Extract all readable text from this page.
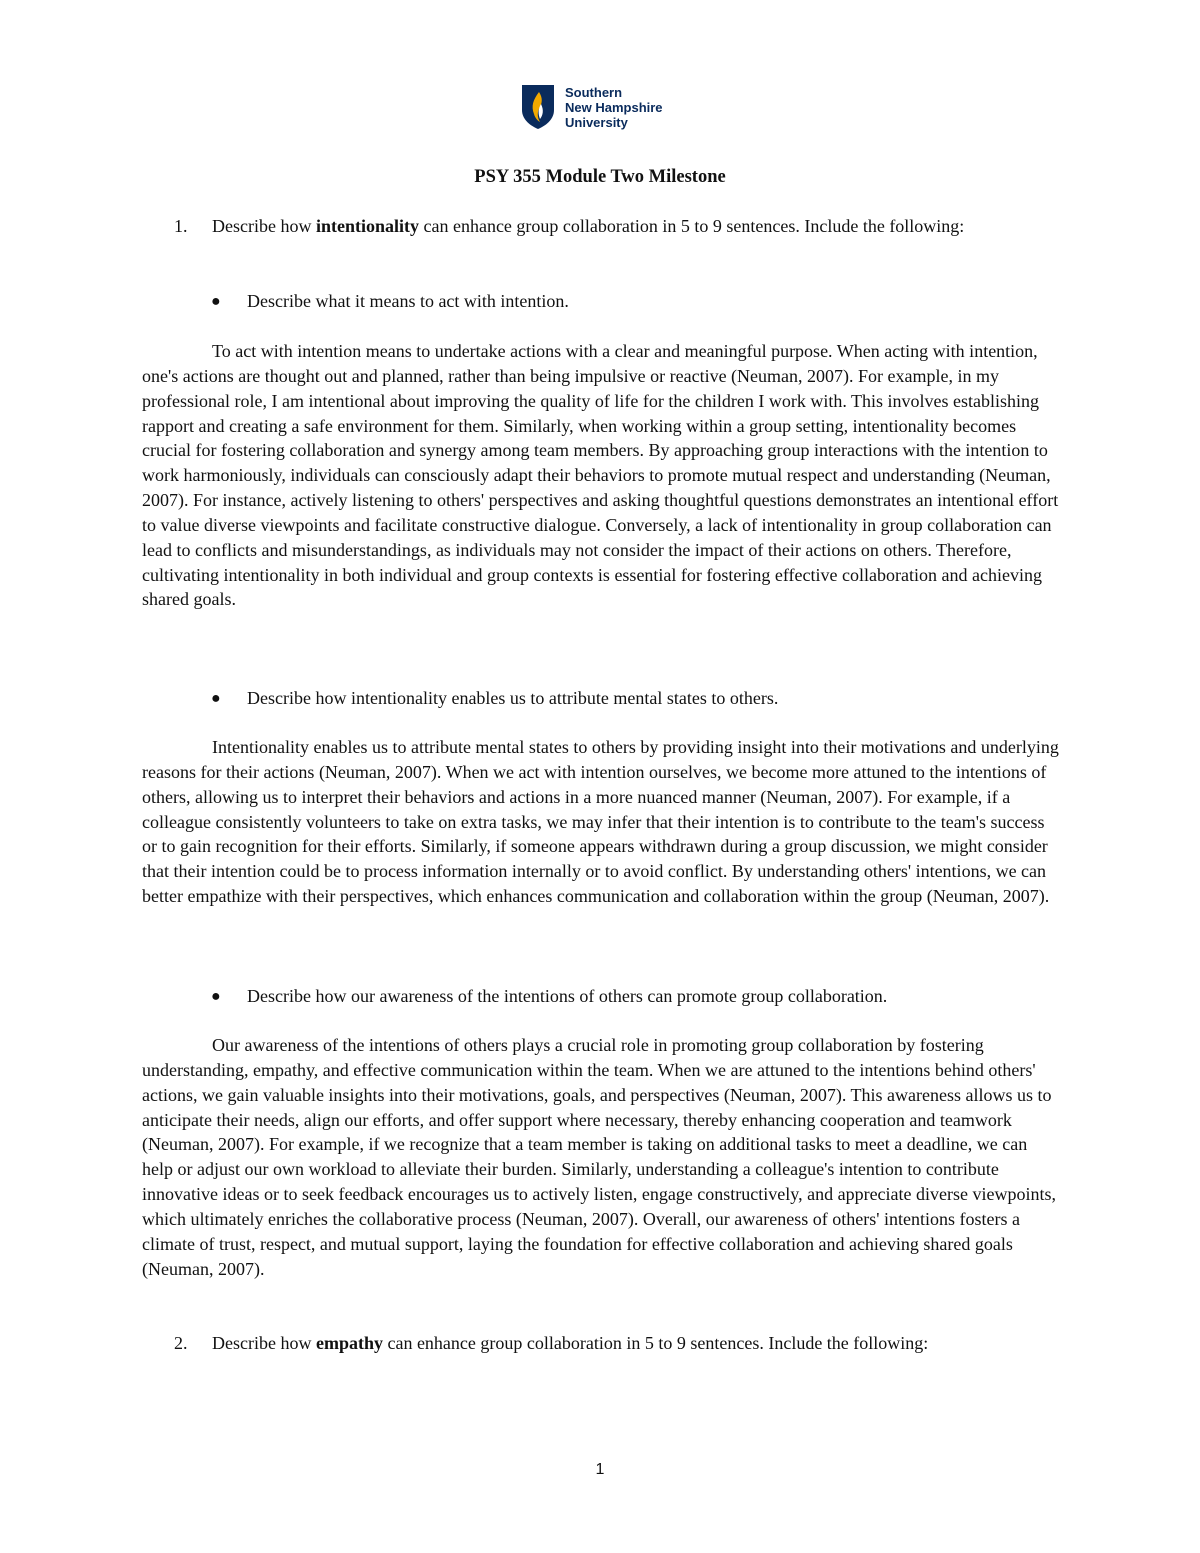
Southern
New Hampshire
University
PSY 355 Module Two Milestone
1. Describe how intentionality can enhance group collaboration in 5 to 9 sentences. Include the following:
● Describe what it means to act with intention.

To act with intention means to undertake actions with a clear and meaningful purpose. When acting with intention, one's actions are thought out and planned, rather than being impulsive or reactive (Neuman, 2007). For example, in my professional role, I am intentional about improving the quality of life for the children I work with. This involves establishing rapport and creating a safe environment for them. Similarly, when working within a group setting, intentionality becomes crucial for fostering collaboration and synergy among team members. By approaching group interactions with the intention to work harmoniously, individuals can consciously adapt their behaviors to promote mutual respect and understanding (Neuman, 2007). For instance, actively listening to others' perspectives and asking thoughtful questions demonstrates an intentional effort to value diverse viewpoints and facilitate constructive dialogue. Conversely, a lack of intentionality in group collaboration can lead to conflicts and misunderstandings, as individuals may not consider the impact of their actions on others. Therefore, cultivating intentionality in both individual and group contexts is essential for fostering effective collaboration and achieving shared goals.

● Describe how intentionality enables us to attribute mental states to others.

Intentionality enables us to attribute mental states to others by providing insight into their motivations and underlying reasons for their actions (Neuman, 2007). When we act with intention ourselves, we become more attuned to the intentions of others, allowing us to interpret their behaviors and actions in a more nuanced manner (Neuman, 2007). For example, if a colleague consistently volunteers to take on extra tasks, we may infer that their intention is to contribute to the team's success or to gain recognition for their efforts. Similarly, if someone appears withdrawn during a group discussion, we might consider that their intention could be to process information internally or to avoid conflict. By understanding others' intentions, we can better empathize with their perspectives, which enhances communication and collaboration within the group (Neuman, 2007).

● Describe how our awareness of the intentions of others can promote group collaboration.

Our awareness of the intentions of others plays a crucial role in promoting group collaboration by fostering understanding, empathy, and effective communication within the team. When we are attuned to the intentions behind others' actions, we gain valuable insights into their motivations, goals, and perspectives (Neuman, 2007). This awareness allows us to anticipate their needs, align our efforts, and offer support where necessary, thereby enhancing cooperation and teamwork (Neuman, 2007). For example, if we recognize that a team member is taking on additional tasks to meet a deadline, we can help or adjust our own workload to alleviate their burden. Similarly, understanding a colleague's intention to contribute innovative ideas or to seek feedback encourages us to actively listen, engage constructively, and appreciate diverse viewpoints, which ultimately enriches the collaborative process (Neuman, 2007). Overall, our awareness of others' intentions fosters a climate of trust, respect, and mutual support, laying the foundation for effective collaboration and achieving shared goals (Neuman, 2007).

2. Describe how empathy can enhance group collaboration in 5 to 9 sentences. Include the following:
1
